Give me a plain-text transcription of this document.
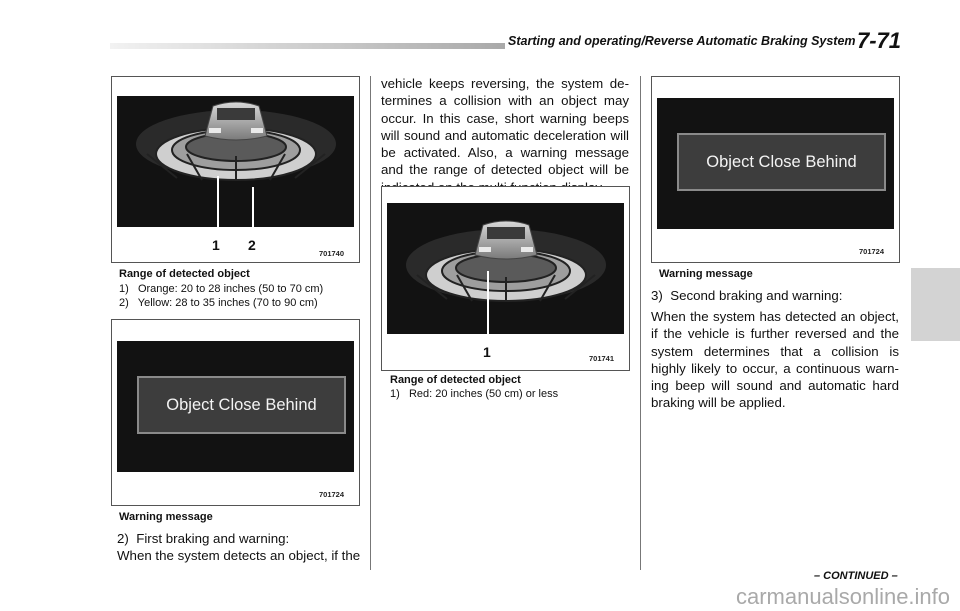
Starting and operating/Reverse Automatic Braking System 7-71
1 2
701740
Range of detected object
1)   Orange: 20 to 28 inches (50 to 70 cm)
2)   Yellow: 28 to 35 inches (70 to 90 cm)
Object Close Behind
701724
Warning message
2)  First braking and warning:
When the system detects an object, if the
vehicle keeps reversing, the system de-
termines a collision with an object may
occur. In this case, short warning beeps
will sound and automatic deceleration will
be activated. Also, a warning message
and the range of detected object will be
1	701741
Range of detected object
1)   Red: 20 inches (50 cm) or less
Object Close Behind
701724
Warning message
3)  Second braking and warning:
When the system has detected an object,
if the vehicle is further reversed and the
system determines that a collision is
highly likely to occur, a continuous warn-
ing beep will sound and automatic hard
braking will be applied.
– CONTINUED –
carmanualsonline.info
